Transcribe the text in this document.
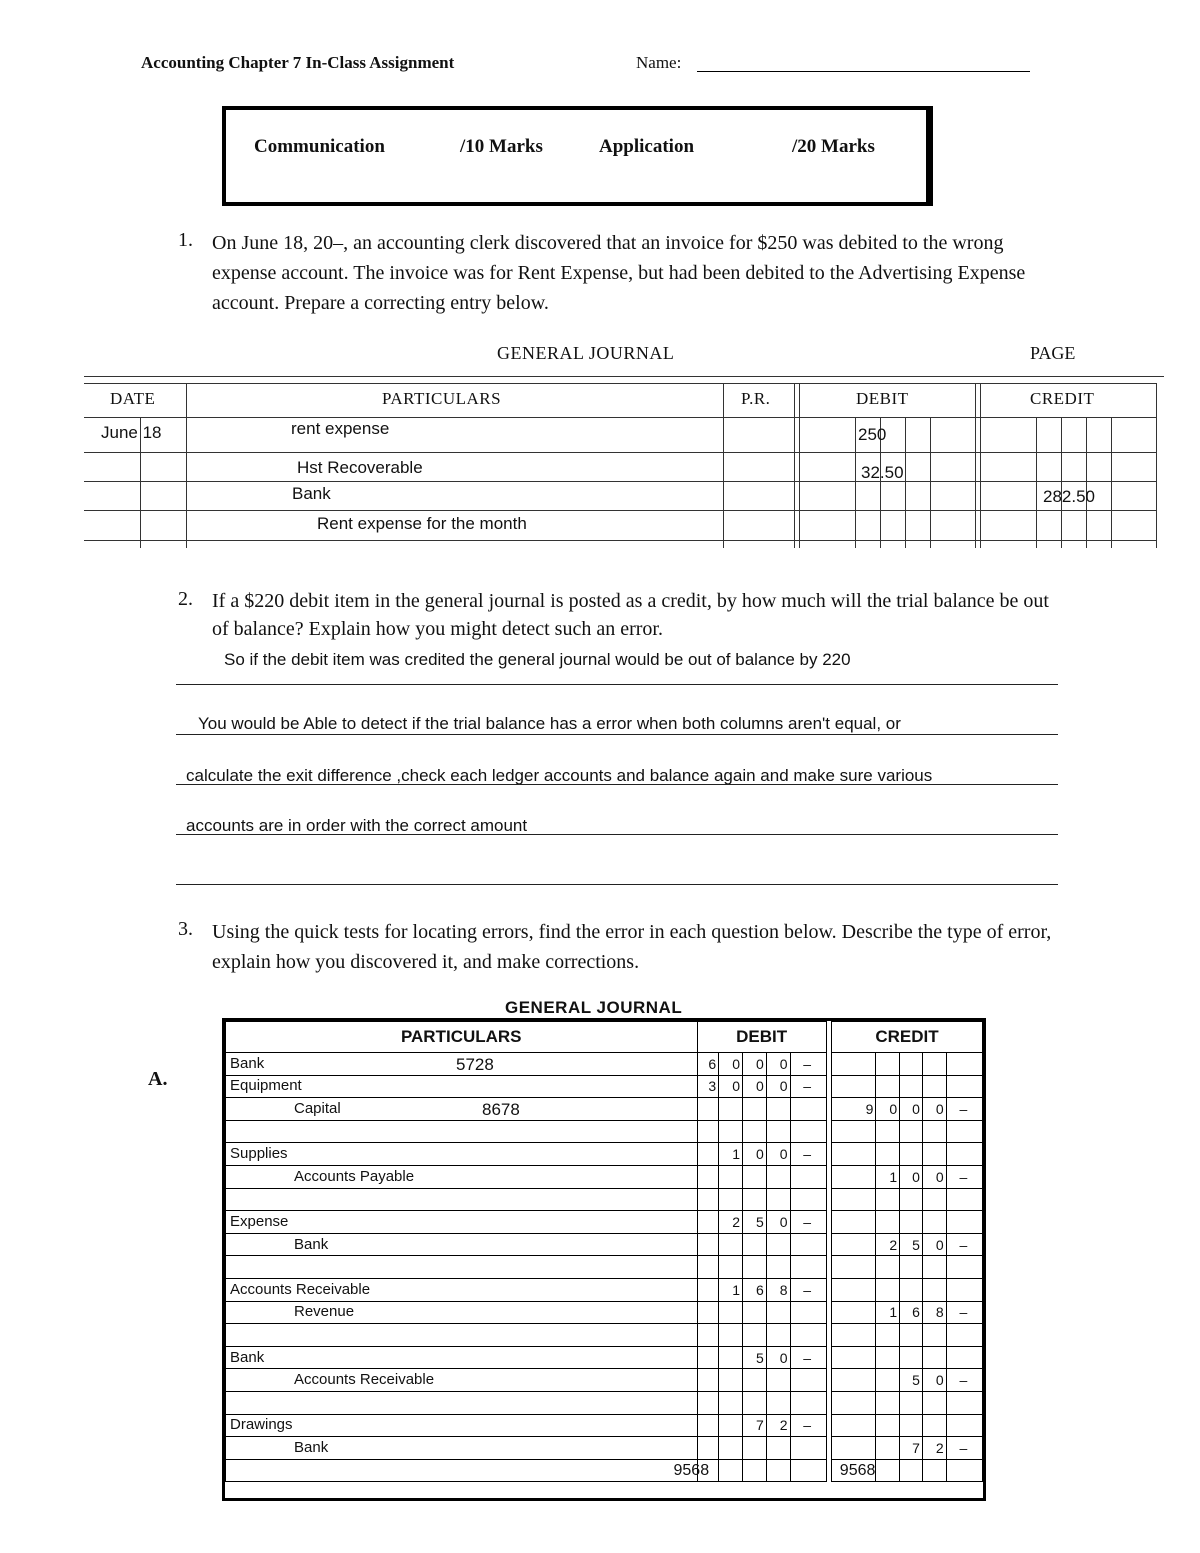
Accounting Chapter 7 In-Class Assignment	Name:
Communication	/10 Marks	Application	/20 Marks
1. On June 18, 20–, an accounting clerk discovered that an invoice for $250 was debited to the wrong expense account. The invoice was for Rent Expense, but had been debited to the Advertising Expense account. Prepare a correcting entry below.
GENERAL JOURNAL	PAGE
DATE	PARTICULARS	P.R.	DEBIT	CREDIT
June 18	rent expense	250
Hst Recoverable	32.50
Bank	282.50
Rent expense for the month
2. If a $220 debit item in the general journal is posted as a credit, by how much will the trial balance be out of balance? Explain how you might detect such an error.
So if the debit item was credited the general journal would be out of balance by 220
You would be Able to detect if the trial balance has a error when both columns aren't equal, or
calculate the exit difference ,check each ledger accounts and balance again and make sure various
accounts are in order with the correct amount
3. Using the quick tests for locating errors, find the error in each question below. Describe the type of error, explain how you discovered it, and make corrections.
GENERAL JOURNAL
A.
PARTICULARS	DEBIT		CREDIT
Bank	5728	6	0	0	0	–						
Equipment	3	0	0	0	–						
Capital	8678							9	0	0	0	–

Supplies		1	0	0	–						
Accounts Payable								1	0	0	–

Expense		2	5	0	–						
Bank								2	5	0	–

Accounts Receivable		1	6	8	–						
Revenue								1	6	8	–

Bank			5	0	–						
Accounts Receivable									5	0	–

Drawings			7	2	–						
Bank									7	2	–
	9568						9568				
